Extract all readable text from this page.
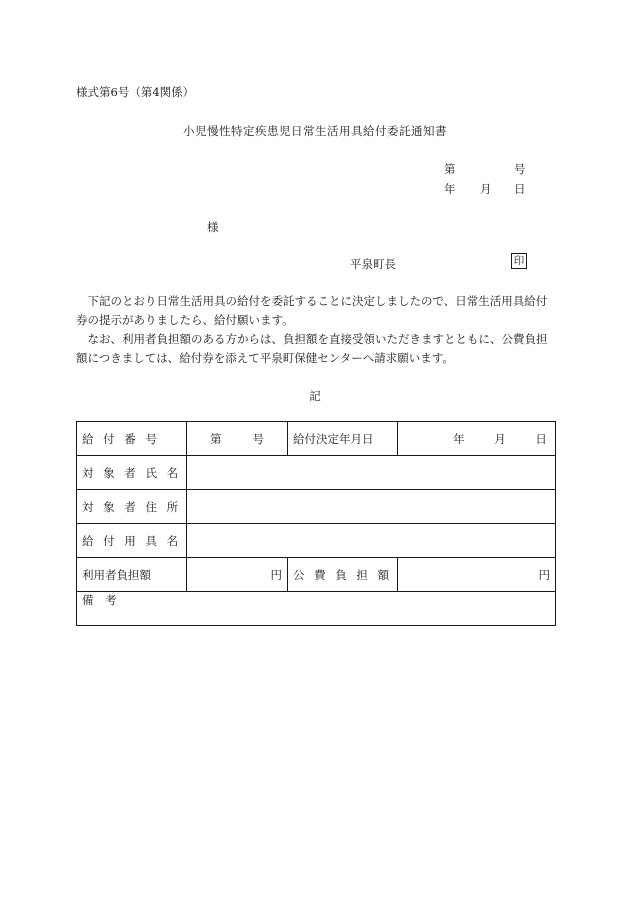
様式第6号（第4関係）
小児慢性特定疾患児日常生活用具給付委託通知書
第	号
年 月 日
様
平泉町長	印

下記のとおり日常生活用具の給付を委託することに決定しましたので、日常生活用具給付券の提示がありましたら、給付願います。

なお、利用者負担額のある方からは、負担額を直接受領いただきますとともに、公費負担額につきましては、給付券を添えて平泉町保健センターへ請求願います。

記
給 付 番 号	第 号	給付決定年月日	年 月 日
対 象 者 氏 名			
対 象 者 住 所			
給 付 用 具 名			
利用者負担額	円	公 費 負 担 額	円
備　考			
